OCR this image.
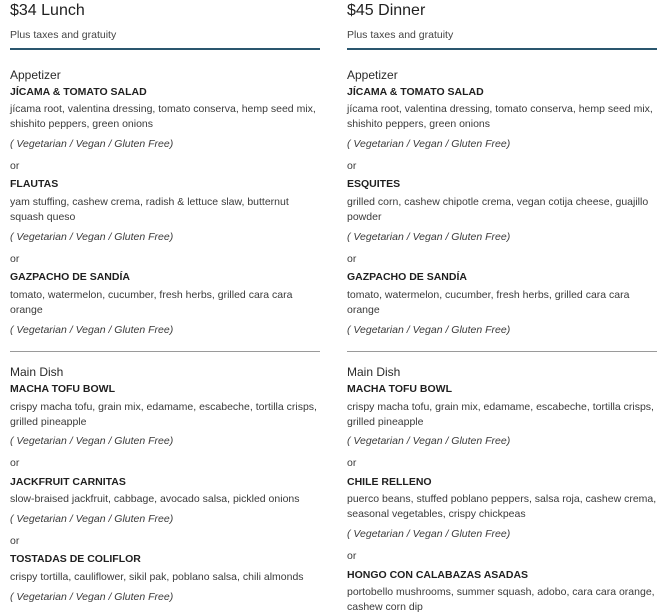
$34 Lunch
Plus taxes and gratuity
Appetizer
JÍCAMA & TOMATO SALAD
jícama root, valentina dressing, tomato conserva, hemp seed mix, shishito peppers, green onions
( Vegetarian / Vegan / Gluten Free)
or
FLAUTAS
yam stuffing, cashew crema, radish & lettuce slaw, butternut squash queso
( Vegetarian / Vegan / Gluten Free)
or
GAZPACHO DE SANDÍA
tomato, watermelon, cucumber, fresh herbs, grilled cara cara orange
( Vegetarian / Vegan / Gluten Free)
Main Dish
MACHA TOFU BOWL
crispy macha tofu, grain mix, edamame, escabeche, tortilla crisps, grilled pineapple
( Vegetarian / Vegan / Gluten Free)
or
JACKFRUIT CARNITAS
slow-braised jackfruit, cabbage, avocado salsa, pickled onions
( Vegetarian / Vegan / Gluten Free)
or
TOSTADAS DE COLIFLOR
crispy tortilla, cauliflower, sikil pak, poblano salsa, chili almonds
( Vegetarian / Vegan / Gluten Free)
$45 Dinner
Plus taxes and gratuity
Appetizer
JÍCAMA & TOMATO SALAD
jícama root, valentina dressing, tomato conserva, hemp seed mix, shishito peppers, green onions
( Vegetarian / Vegan / Gluten Free)
or
ESQUITES
grilled corn, cashew chipotle crema, vegan cotija cheese, guajillo powder
( Vegetarian / Vegan / Gluten Free)
or
GAZPACHO DE SANDÍA
tomato, watermelon, cucumber, fresh herbs, grilled cara cara orange
( Vegetarian / Vegan / Gluten Free)
Main Dish
MACHA TOFU BOWL
crispy macha tofu, grain mix, edamame, escabeche, tortilla crisps, grilled pineapple
( Vegetarian / Vegan / Gluten Free)
or
CHILE RELLENO
puerco beans, stuffed poblano peppers, salsa roja, cashew crema, seasonal vegetables, crispy chickpeas
( Vegetarian / Vegan / Gluten Free)
or
HONGO CON CALABAZAS ASADAS
portobello mushrooms, summer squash, adobo, cara cara orange, cashew corn dip
